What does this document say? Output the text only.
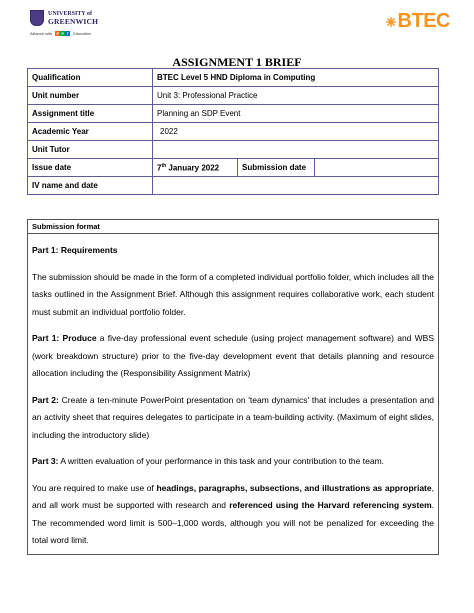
UNIVERSITY of
GREENWICH
Alliance with	F P T	Education
BTEC
ASSIGNMENT 1 BRIEF
Qualification	BTEC Level 5 HND Diploma in Computing		
Unit number	Unit 3: Professional Practice		
Assignment title	Planning an SDP Event		
Academic Year	2022		
Unit Tutor			
Issue date	7th January 2022	Submission date	
IV name and date			
Submission format

Part 1: Requirements

The submission should be made in the form of a completed individual portfolio folder, which includes all the tasks outlined in the Assignment Brief. Although this assignment requires collaborative work, each student must submit an individual portfolio folder.

Part 1: Produce a five-day professional event schedule (using project management software) and WBS (work breakdown structure) prior to the five-day development event that details planning and resource allocation including the (Responsibility Assignment Matrix)

Part 2: Create a ten-minute PowerPoint presentation on 'team dynamics' that includes a presentation and an activity sheet that requires delegates to participate in a team-building activity. (Maximum of eight slides, including the introductory slide)

Part 3: A written evaluation of your performance in this task and your contribution to the team.

You are required to make use of headings, paragraphs, subsections, and illustrations as appropriate, and all work must be supported with research and referenced using the Harvard referencing system. The recommended word limit is 500–1,000 words, although you will not be penalized for exceeding the total word limit.
